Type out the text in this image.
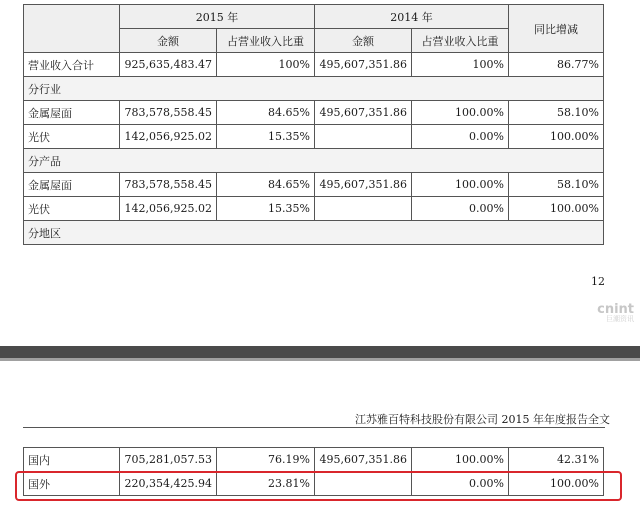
	2015 年		2014 年		同比增减
	金额	占营业收入比重	金额	占营业收入比重	
营业收入合计	925,635,483.47	100%	495,607,351.86	100%	86.77%
分行业					
金属屋面	783,578,558.45	84.65%	495,607,351.86	100.00%	58.10%
光伏	142,056,925.02	15.35%		0.00%	100.00%
分产品					
金属屋面	783,578,558.45	84.65%	495,607,351.86	100.00%	58.10%
光伏	142,056,925.02	15.35%		0.00%	100.00%
分地区					
12
cnint
巨潮资讯
江苏雅百特科技股份有限公司 2015 年年度报告全文
国内	705,281,057.53	76.19%	495,607,351.86	100.00%	42.31%
国外	220,354,425.94	23.81%		0.00%	100.00%
